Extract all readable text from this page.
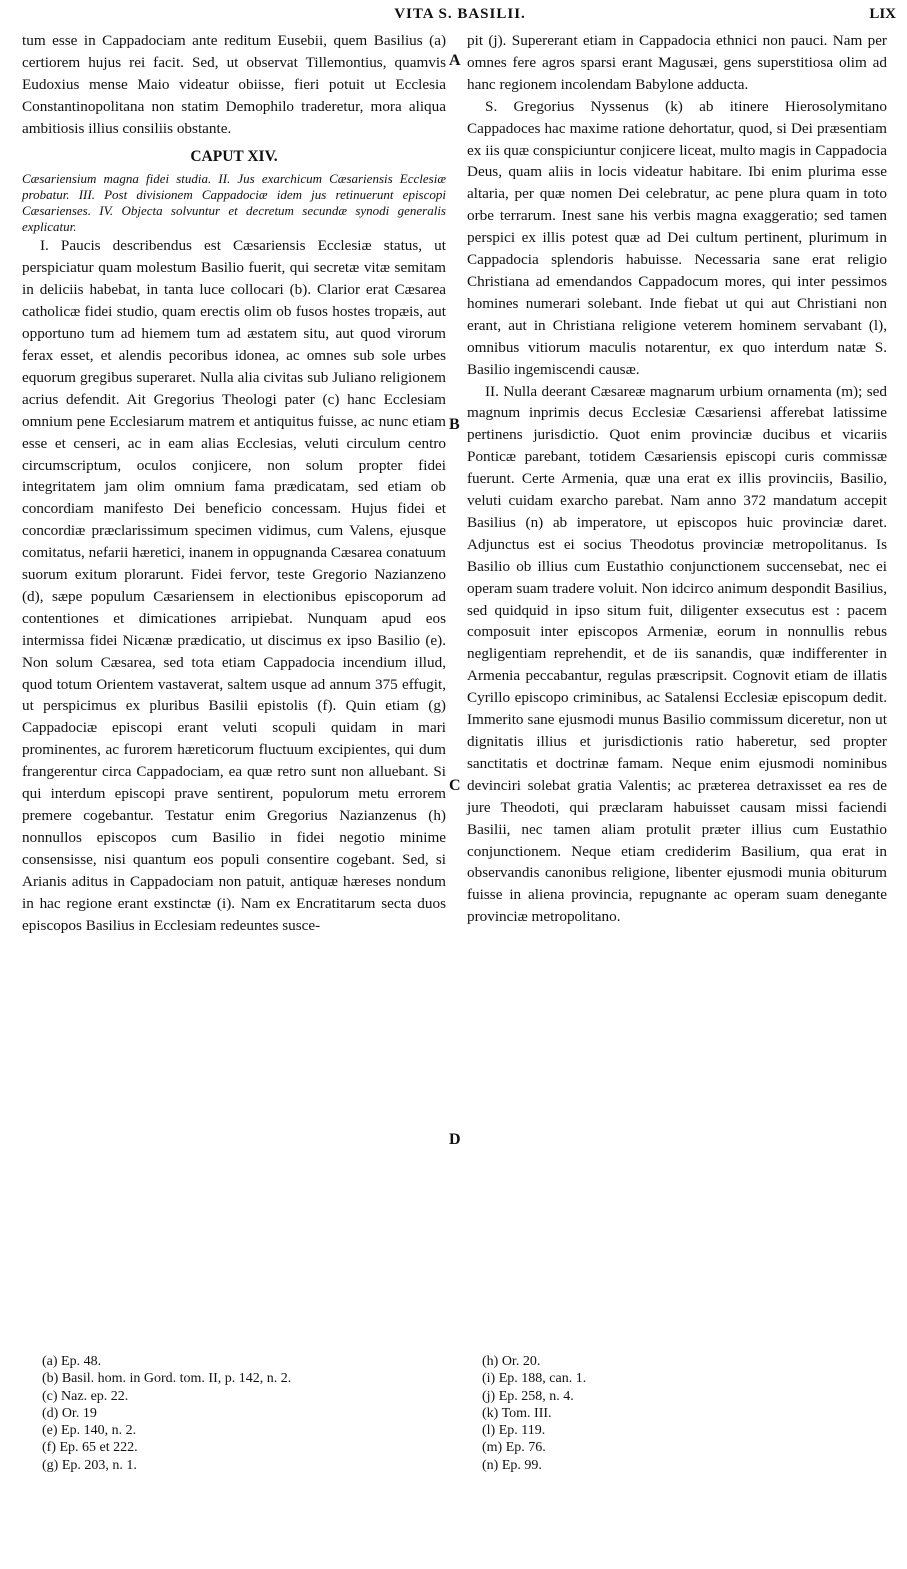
VITA S. BASILII.	LIX

tum esse in Cappadociam ante reditum Eusebii, quem Basilius (a) certiorem hujus rei facit. Sed, ut observat Tillemontius, quamvis Eudoxius mense Maio videatur obiisse, fieri potuit ut Ecclesia Constantinopolitana non statim Demophilo traderetur, mora aliqua ambitiosis illius consiliis obstante.

CAPUT XIV.

Cæsariensium magna fidei studia. II. Jus exarchicum Cæsariensis Ecclesiæ probatur. III. Post divisionem Cappadociæ idem jus retinuerunt episcopi Cæsarienses. IV. Objecta solvuntur et decretum secundæ synodi generalis explicatur.

I. Paucis describendus est Cæsariensis Ecclesiæ status, ut perspiciatur quam molestum Basilio fuerit, qui secretæ vitæ semitam in deliciis habebat, in tanta luce collocari (b). Clarior erat Cæsarea catholicæ fidei studio, quam erectis olim ob fusos hostes tropæis, aut opportuno tum ad hiemem tum ad æstatem situ, aut quod virorum ferax esset, et alendis pecoribus idonea, ac omnes sub sole urbes equorum gregibus superaret. Nulla alia civitas sub Juliano religionem acrius defendit. Ait Gregorius Theologi pater (c) hanc Ecclesiam omnium pene Ecclesiarum matrem et antiquitus fuisse, ac nunc etiam esse et censeri, ac in eam alias Ecclesias, veluti circulum centro circumscriptum, oculos conjicere, non solum propter fidei integritatem jam olim omnium fama prædicatam, sed etiam ob concordiam manifesto Dei beneficio concessam. Hujus fidei et concordiæ præclarissimum specimen vidimus, cum Valens, ejusque comitatus, nefarii hæretici, inanem in oppugnanda Cæsarea conatuum suorum exitum plorarunt. Fidei fervor, teste Gregorio Nazianzeno (d), sæpe populum Cæsariensem in electionibus episcoporum ad contentiones et dimicationes arripiebat. Nunquam apud eos intermissa fidei Nicænæ prædicatio, ut discimus ex ipso Basilio (e). Non solum Cæsarea, sed tota etiam Cappadocia incendium illud, quod totum Orientem vastaverat, saltem usque ad annum 375 effugit, ut perspicimus ex pluribus Basilii epistolis (f). Quin etiam (g) Cappadociæ episcopi erant veluti scopuli quidam in mari prominentes, ac furorem hæreticorum fluctuum excipientes, qui dum frangerentur circa Cappadociam, ea quæ retro sunt non alluebant. Si qui interdum episcopi prave sentirent, populorum metu errorem premere cogebantur. Testatur enim Gregorius Nazianzenus (h) nonnullos episcopos cum Basilio in fidei negotio minime consensisse, nisi quantum eos populi consentire cogebant. Sed, si Arianis aditus in Cappadociam non patuit, antiquæ hæreses nondum in hac regione erant exstinctæ (i). Nam ex Encratitarum secta duos episcopos Basilius in Ecclesiam redeuntes susce-

A
B
C
D

pit (j). Supererant etiam in Cappadocia ethnici non pauci. Nam per omnes fere agros sparsi erant Magusæi, gens superstitiosa olim ad hanc regionem incolendam Babylone adducta.

S. Gregorius Nyssenus (k) ab itinere Hierosolymitano Cappadoces hac maxime ratione dehortatur, quod, si Dei præsentiam ex iis quæ conspiciuntur conjicere liceat, multo magis in Cappadocia Deus, quam aliis in locis videatur habitare. Ibi enim plurima esse altaria, per quæ nomen Dei celebratur, ac pene plura quam in toto orbe terrarum. Inest sane his verbis magna exaggeratio; sed tamen perspici ex illis potest quæ ad Dei cultum pertinent, plurimum in Cappadocia splendoris habuisse. Necessaria sane erat religio Christiana ad emendandos Cappadocum mores, qui inter pessimos homines numerari solebant. Inde fiebat ut qui aut Christiani non erant, aut in Christiana religione veterem hominem servabant (l), omnibus vitiorum maculis notarentur, ex quo interdum natæ S. Basilio ingemiscendi causæ.

II. Nulla deerant Cæsareæ magnarum urbium ornamenta (m); sed magnum inprimis decus Ecclesiæ Cæsariensi afferebat latissime pertinens jurisdictio. Quot enim provinciæ ducibus et vicariis Ponticæ parebant, totidem Cæsariensis episcopi curis commissæ fuerunt. Certe Armenia, quæ una erat ex illis provinciis, Basilio, veluti cuidam exarcho parebat. Nam anno 372 mandatum accepit Basilius (n) ab imperatore, ut episcopos huic provinciæ daret. Adjunctus est ei socius Theodotus provinciæ metropolitanus. Is Basilio ob illius cum Eustathio conjunctionem succensebat, nec ei operam suam tradere voluit. Non idcirco animum despondit Basilius, sed quidquid in ipso situm fuit, diligenter exsecutus est : pacem composuit inter episcopos Armeniæ, eorum in nonnullis rebus negligentiam reprehendit, et de iis sanandis, quæ indifferenter in Armenia peccabantur, regulas præscripsit. Cognovit etiam de illatis Cyrillo episcopo criminibus, ac Satalensi Ecclesiæ episcopum dedit. Immerito sane ejusmodi munus Basilio commissum diceretur, non ut dignitatis illius et jurisdictionis ratio haberetur, sed propter sanctitatis et doctrinæ famam. Neque enim ejusmodi nominibus devinciri solebat gratia Valentis; ac præterea detraxisset ea res de jure Theodoti, qui præclaram habuisset causam missi faciendi Basilii, nec tamen aliam protulit præter illius cum Eustathio conjunctionem. Neque etiam crediderim Basilium, qua erat in observandis canonibus religione, libenter ejusmodi munia obiturum fuisse in aliena provincia, repugnante ac operam suam denegante provinciæ metropolitano.

(a) Ep. 48.
(b) Basil. hom. in Gord. tom. II, p. 142, n. 2.
(c) Naz. ep. 22.
(d) Or. 19
(e) Ep. 140, n. 2.
(f) Ep. 65 et 222.
(g) Ep. 203, n. 1.
(h) Or. 20.
(i) Ep. 188, can. 1.
(j) Ep. 258, n. 4.
(k) Tom. III.
(l) Ep. 119.
(m) Ep. 76.
(n) Ep. 99.
